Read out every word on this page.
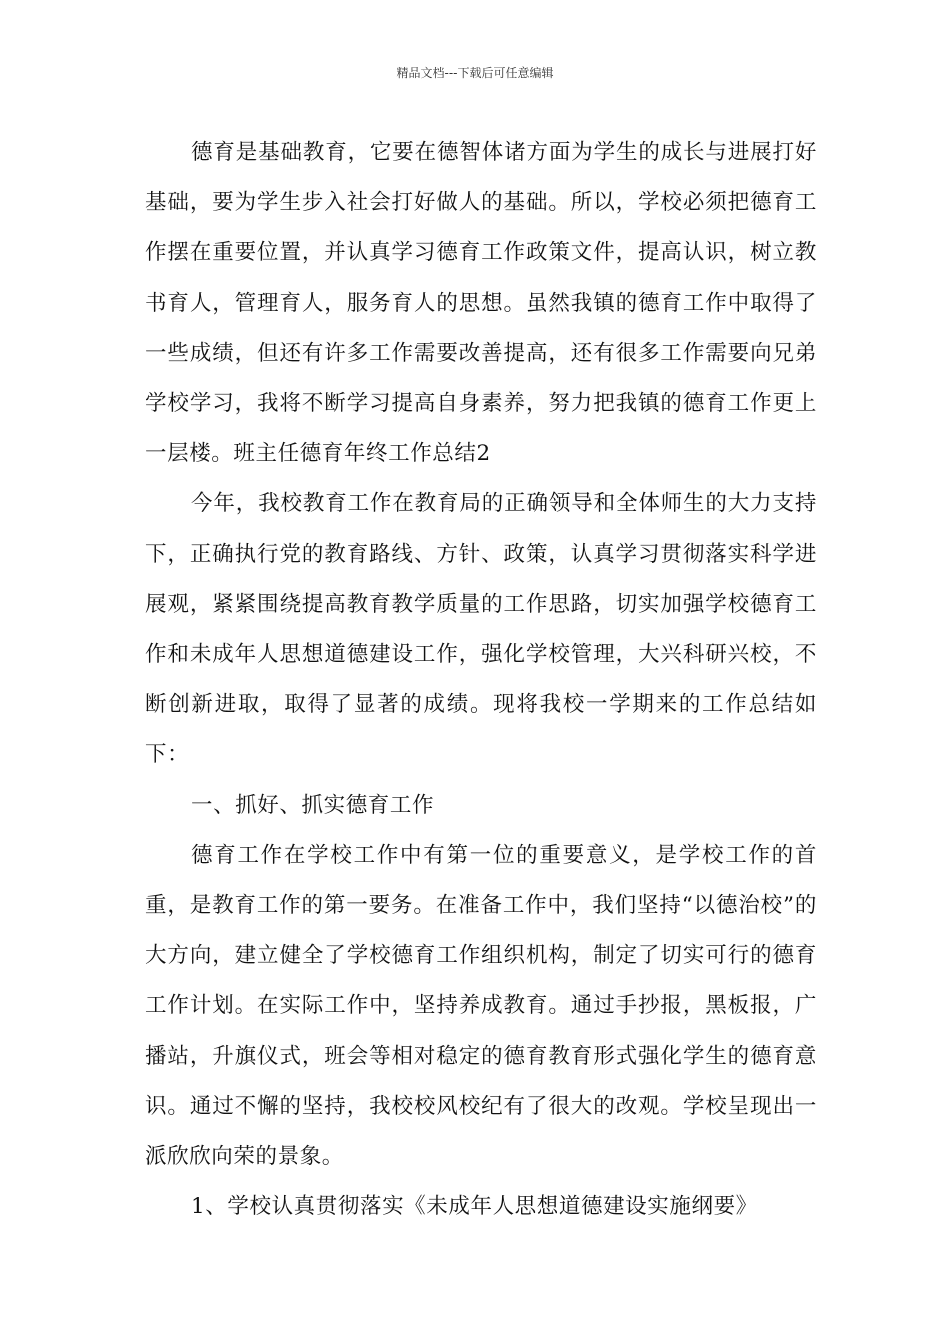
精品文档---下载后可任意编辑

德育是基础教育，它要在德智体诸方面为学生的成长与进展打好基础，要为学生步入社会打好做人的基础。所以，学校必须把德育工作摆在重要位置，并认真学习德育工作政策文件，提高认识，树立教书育人，管理育人，服务育人的思想。虽然我镇的德育工作中取得了一些成绩，但还有许多工作需要改善提高，还有很多工作需要向兄弟学校学习，我将不断学习提高自身素养，努力把我镇的德育工作更上一层楼。班主任德育年终工作总结2

今年，我校教育工作在教育局的正确领导和全体师生的大力支持下，正确执行党的教育路线、方针、政策，认真学习贯彻落实科学进展观，紧紧围绕提高教育教学质量的工作思路，切实加强学校德育工作和未成年人思想道德建设工作，强化学校管理，大兴科研兴校，不断创新进取，取得了显著的成绩。现将我校一学期来的工作总结如下：

一、抓好、抓实德育工作

德育工作在学校工作中有第一位的重要意义，是学校工作的首重，是教育工作的第一要务。在准备工作中，我们坚持“以德治校”的大方向，建立健全了学校德育工作组织机构，制定了切实可行的德育工作计划。在实际工作中，坚持养成教育。通过手抄报，黑板报，广播站，升旗仪式，班会等相对稳定的德育教育形式强化学生的德育意识。通过不懈的坚持，我校校风校纪有了很大的改观。学校呈现出一派欣欣向荣的景象。

1、学校认真贯彻落实《未成年人思想道德建设实施纲要》
